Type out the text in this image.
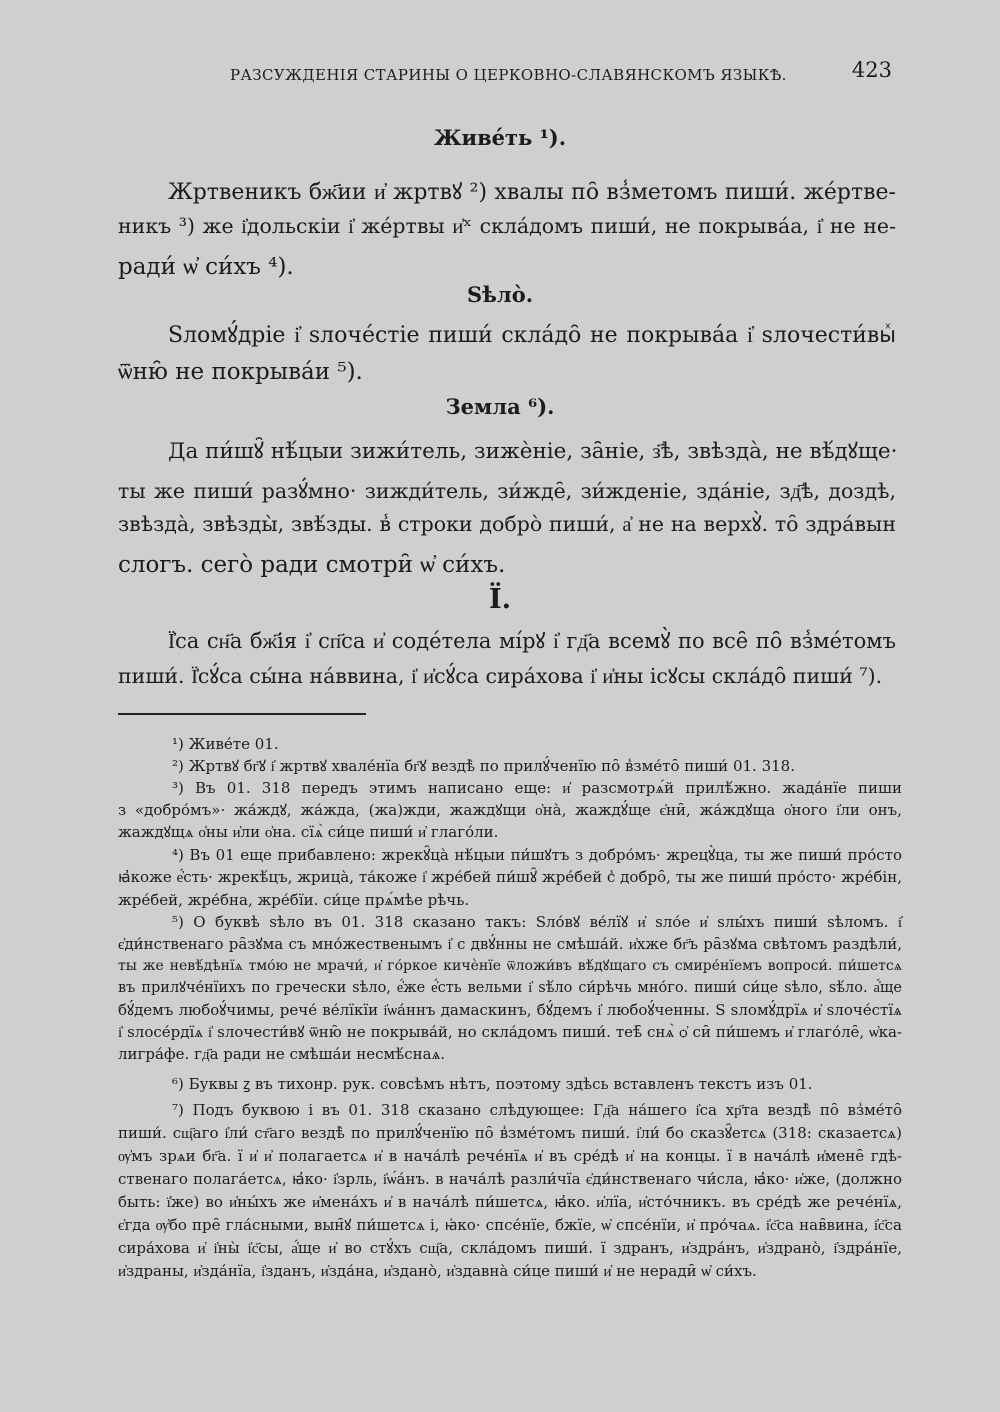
РАЗСУЖДЕНІЯ СТАРИНЫ О ЦЕРКОВНО-СЛАВЯНСКОМЪ ЯЗЫКѢ.	423
Живе́ть ¹).
Жртвеникъ бж҃ии и҆ жртвꙋ ²) хвалы по̑ вз̾метомъ пиши́. же́ртве-
никъ ³) же і҆дольскіи і҆ же́ртвы и҆ˣ скла́домъ пиши́, не покрыва́а, і҆ не не-
ради́ ѡ҆ си́хъ ⁴).
Ѕѣло̀.
Ѕломꙋ́дріе і҆ ѕлоче́стіе пиши́ скла́до̑ не покрыва́а і҆ ѕлочести́выⷯ
ѿню̑ не покрыва́и ⁵).
Земла ⁶).
Да пи́шꙋ̑ нѣ́цыи зижи́тель, зижѐніе, за̑ніе, з҃ѣ, звѣзда̀, не вѣ́дꙋще·
ты же пиши́ разꙋ́мно· зижди́тель, зи́жде̑, зи́жденіе, зда́ніе, зд҃ѣ, доздѣ,
звѣзда̀, звѣзды̀, звѣ́зды. в̾ строки добро̀ пиши́, а҆ не на верхꙋ̀. то̑ здра́вын
слогъ. сего̀ ради смотри̑ ѡ҆ си́хъ.
Ї.
Ї҆са сн҃а бж҃ія і҆ сп҃са и҆ соде́тела мі́рꙋ і҆ гд҃а всемꙋ̀ по все̑ по̑ вз̾ме́томъ
пиши́. Ї҆сꙋ́са сы́на на́ввина, і҆ и҆сꙋ́са сира́хова і҆ и҆ны ісꙋсы скла́до̑ пиши́ ⁷).
¹) Живе́те 01.
²) Жртвꙋ бг҃ꙋ і҆ жртвꙋ хвале́нїа бг҃ꙋ вездѣ̀ по прилꙋ́ченїю по̑ в̾зме́то̑ пиши́ 01. 318.
³) Въ 01. 318 передъ этимъ написано еще: и҆ разсмотрѧ́й прилѣ́жно. жада́нїе пиши
з «добро́мъ»· жа́ждꙋ, жа́жда, (жа)жди, жаждꙋщи о҆на̀, жаждꙋ́ще є҆ни̑, жа́ждꙋща о҆ного і҆ли онъ,
жаждꙋщѧ о҆ны и҆ли о҆на. сїѧ̀ си́це пиши́ и҆ глаго́ли.
⁴) Въ 01 еще прибавлено: жрекꙋ̑ца̀ нѣ́цыи пи́шꙋтъ з добро́мъ· жрецꙋ̀ца, ты же пиши́ про́сто
ꙗ҆коже е҆́сть· жрекѣ́цъ, жрица̀, та́коже і҆ жре́бей пи́шꙋ̑ жре́бей с̾ добро̑, ты же пиши́ про́сто· жре́бін,
жре́бей, жре́бна, жре́бїи. си́це прѧ́мѣе рѣчь.
⁵) О буквѣ ѕѣло въ 01. 318 сказано такъ: Ѕло́вꙋ ве́лїꙋ и҆ ѕло́е и҆ ѕлы́хъ пиши́ ѕѣломъ. і҆
є҆ди́нственаго ра̑зꙋма съ мно́жественымъ і҆ с двꙋ́нны не смѣша́й. и҆хже бг҃ъ ра̑зꙋма свѣтомъ раздѣли́,
ты же невѣ́дѣнїѧ тмо́ю не мрачи́, и҆ го́ркое кичѐнїе ѿложи́въ вѣ́дꙋщаго съ смире́нїемъ вопроси́. пи́шетсѧ
въ прилꙋче́нїихъ по гречески ѕѣло, е҆́же е҆́сть вельми і҆ ѕѣ́ло си́рѣчь мно́го. пиши́ си́це ѕѣло, ѕѣ́ло. а҆́ще
бꙋ́демъ любоꙋ́чимы, рече́ ве́лїкїи і҆ѡа́ннъ дамаскинъ, бꙋ́демъ і҆ любоꙋ́ченны. Ѕ ѕломꙋ́дрїѧ и҆ ѕлоче́стїѧ
і҆ ѕлосе́рдїѧ і҆ ѕлочести́вꙋ ѿню̑ не покрыва́й, но скла́домъ пиши́. теѣ̑ снѧ̀ ѻ҆ си̑ пи́шемъ и҆ глаго́ле̑, ѡ҆ка-
лигра́фе. гд҃а ради не смѣша́и несмѣ́снаѧ.
⁶) Буквы ꙁ въ тихонр. рук. совсѣмъ нѣтъ, поэтому здѣсь вставленъ текстъ изъ 01.
⁷) Подъ буквою і въ 01. 318 сказано слѣдующее: Гд҃а на́шего і҆са хр҃та вездѣ̀ по̑ вз̾ме́то̑
пиши́. сщ҃аго і҆ли́ ст҃аго вездѣ̀ по прилꙋ́ченїю по̑ в̾зме́томъ пиши́. і҆ли́ бо сказꙋ̑етсѧ (318: сказаетсѧ)
ѹ҆мъ зрѧи бг҃а. ї и҆ и҆ полагаетсѧ и҆ в нача́лѣ рече́нїѧ и҆ въ сре́дѣ и҆ на концы. ї в нача́лѣ и҆мене̑ гдѣ-
ственаго полага́етсѧ, ꙗ҆ко· і҆зрль, і҆ѡ́а́нъ. в нача́лѣ разли́чїа є҆ди́нственаго чи́сла, ꙗ҆ко· и҆же, (должно
быть: ї҆же) во и҆ны́хъ же и҆мена́хъ и҆ в нача́лѣ пи́шетсѧ, ꙗ҆ко. и҆лїа, и҆сто́чникъ. въ сре́дѣ же рече́нїѧ,
є҆гда ѹ҆бо пре̑ гла́сными, вын̑ꙋ пи́шетсѧ і, ꙗ҆ко· спсе́нїе, бжїе, ѡ҆ спсе́нїи, и҆ про́чаѧ. і҆с҃са нав̑вина, і҆с҃са
сира́хова и҆ і҆ны̀ і҆с҃сы, а҆́ще и҆ во стꙋ́хъ сщ҃а, скла́домъ пиши́. ї здранъ, и҆здра́нъ, и҆здрано̀, і҆здра́нїе,
и҆здраны, и҆зда́нїа, і҆зданъ, и҆зда́на, и҆здано̀, и҆здавна̀ си́це пиши́ и҆ не неради̑ ѡ҆ си́хъ.
